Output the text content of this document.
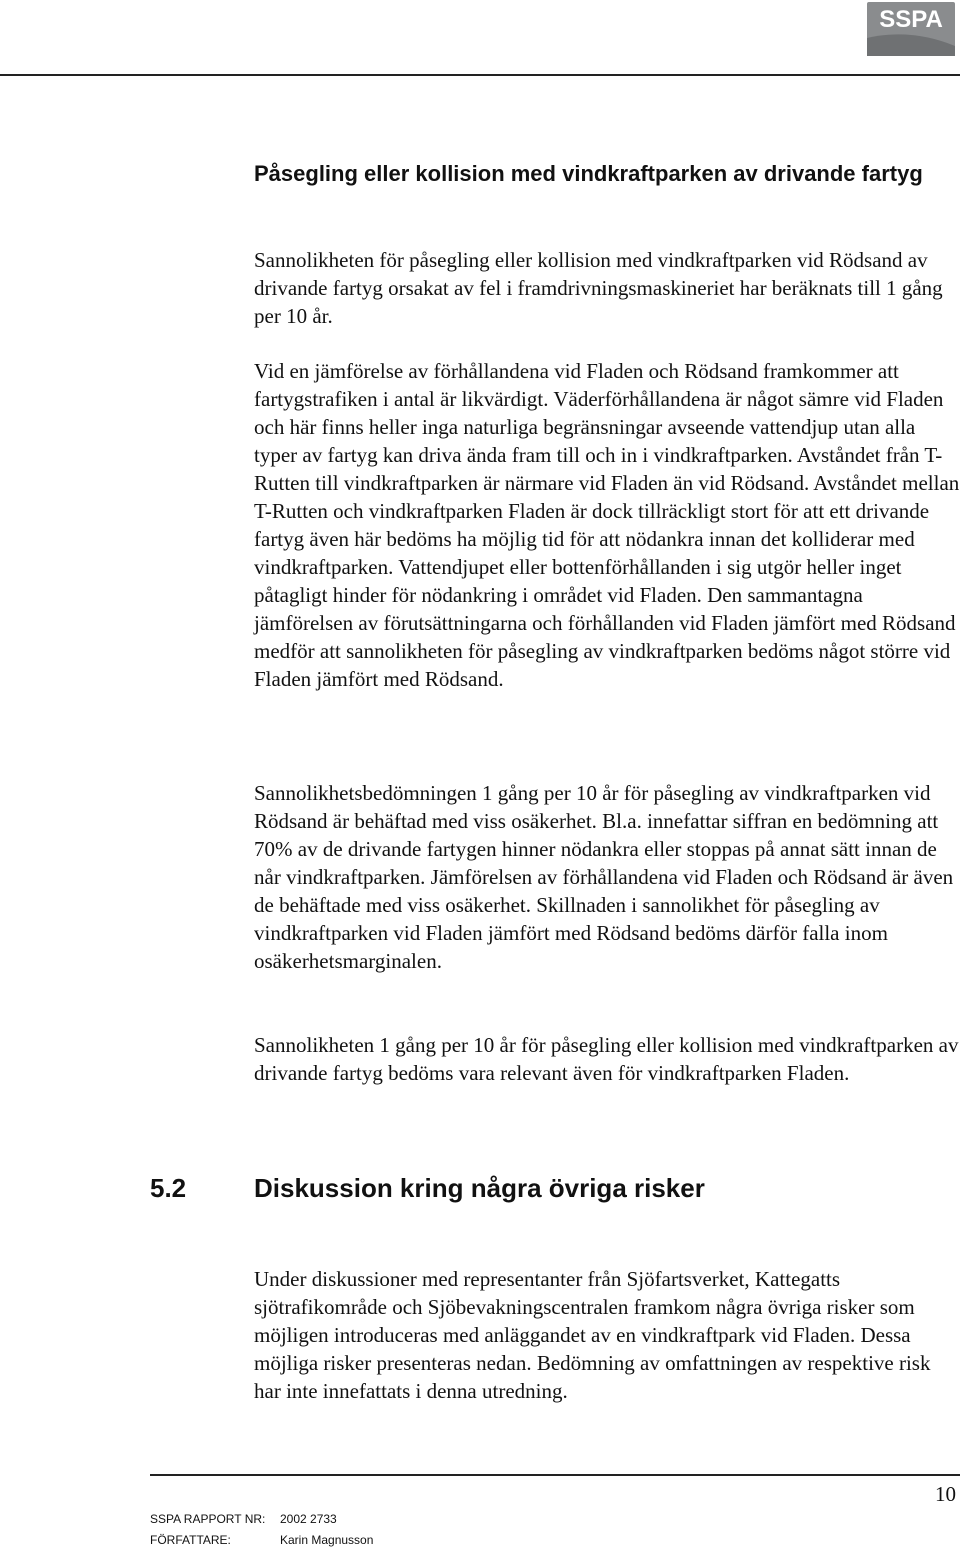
SSPA
Påsegling eller kollision med vindkraftparken av drivande fartyg

Sannolikheten för påsegling eller kollision med vindkraftparken vid Rödsand av drivande fartyg orsakat av fel i framdrivningsmaskineriet har beräknats till 1 gång per 10 år.

Vid en jämförelse av förhållandena vid Fladen och Rödsand framkommer att fartygstrafiken i antal är likvärdigt. Väderförhållandena är något sämre vid Fladen och här finns heller inga naturliga begränsningar avseende vattendjup utan alla typer av fartyg kan driva ända fram till och in i vindkraftparken. Avståndet från T-Rutten till vindkraftparken är närmare vid Fladen än vid Rödsand. Avståndet mellan T-Rutten och vindkraftparken Fladen är dock tillräckligt stort för att ett drivande fartyg även här bedöms ha möjlig tid för att nödankra innan det kolliderar med vindkraftparken. Vattendjupet eller bottenförhållanden i sig utgör heller inget påtagligt hinder för nödankring i området vid Fladen. Den sammantagna jämförelsen av förutsättningarna och förhållanden vid Fladen jämfört med Rödsand medför att sannolikheten för påsegling av vindkraftparken bedöms något större vid Fladen jämfört med Rödsand.

Sannolikhetsbedömningen 1 gång per 10 år för påsegling av vindkraftparken vid Rödsand är behäftad med viss osäkerhet. Bl.a. innefattar siffran en bedömning att 70% av de drivande fartygen hinner nödankra eller stoppas på annat sätt innan de når vindkraftparken. Jämförelsen av förhållandena vid Fladen och Rödsand är även de behäftade med viss osäkerhet. Skillnaden i sannolikhet för påsegling av vindkraftparken vid Fladen jämfört med Rödsand bedöms därför falla inom osäkerhetsmarginalen.

Sannolikheten 1 gång per 10 år för påsegling eller kollision med vindkraftparken av drivande fartyg bedöms vara relevant även för vindkraftparken Fladen.

5.2	Diskussion kring några övriga risker

Under diskussioner med representanter från Sjöfartsverket, Kattegatts sjötrafikområde och Sjöbevakningscentralen framkom några övriga risker som möjligen introduceras med anläggandet av en vindkraftpark vid Fladen. Dessa möjliga risker presenteras nedan. Bedömning av omfattningen av respektive risk har inte innefattats i denna utredning.

10
SSPA RAPPORT NR: 2002 2733
FÖRFATTARE:	Karin Magnusson
